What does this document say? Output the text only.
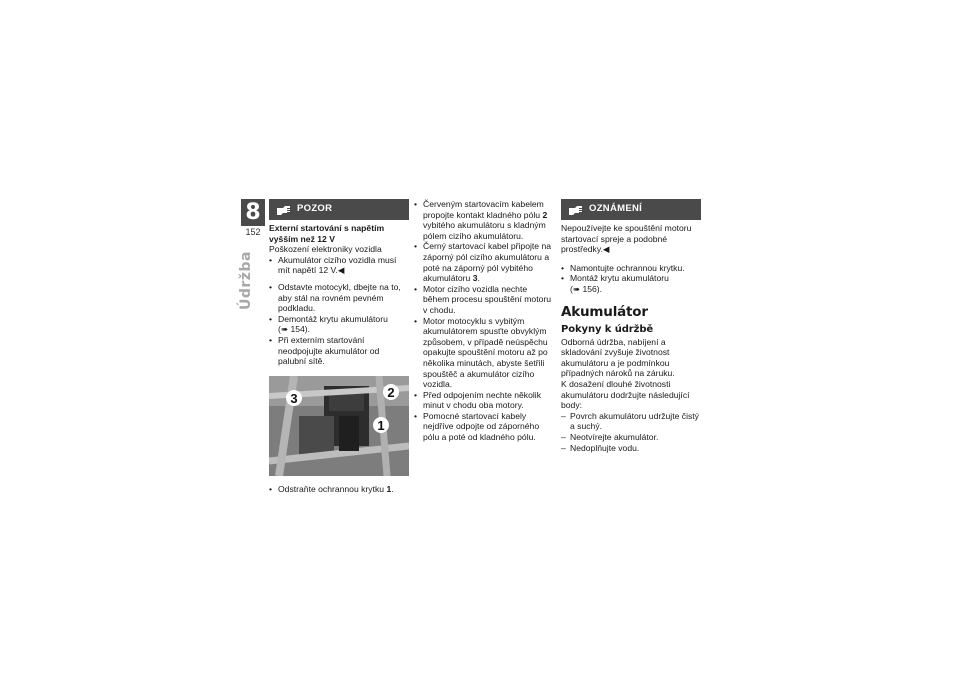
8
152
Údržba
POZOR
Externí startování s napětím vyšším než 12 V

Poškození elektroniky vozidla

• Akumulátor cizího vozidla musí mít napětí 12 V.◀
• Odstavte motocykl, dbejte na to, aby stál na rovném pevném podkladu.
• Demontáž krytu akumulátoru
(➠ 154).
• Při externím startování neodpojujte akumulátor od palubní sítě.
3	2
1
• Odstraňte ochrannou krytku 1.
• Červeným startovacím kabelem propojte kontakt kladného pólu 2 vybitého akumulátoru s kladným pólem cizího akumulátoru.
• Černý startovací kabel připojte na záporný pól cizího akumulátoru a poté na záporný pól vybitého akumulátoru 3.
• Motor cizího vozidla nechte během procesu spouštění motoru v chodu.
• Motor motocyklu s vybitým akumulátorem spusťte obvyklým způsobem, v případě neúspěchu opakujte spouštění motoru až po několika minutách, abyste šetřili spouštěč a akumulátor cizího vozidla.
• Před odpojením nechte několik minut v chodu oba motory.
• Pomocné startovací kabely nejdříve odpojte od záporného pólu a poté od kladného pólu.
OZNÁMENÍ

Nepoužívejte ke spouštění motoru startovací spreje a podobné prostředky.◀

• Namontujte ochrannou krytku.
• Montáž krytu akumulátoru
(➠ 156).
Akumulátor
Pokyny k údržbě

Odborná údržba, nabíjení a skladování zvyšuje životnost akumulátoru a je podmínkou případných nároků na záruku.

K dosažení dlouhé životnosti akumulátoru dodržujte následující body:

– Povrch akumulátoru udržujte čistý a suchý.
– Neotvírejte akumulátor.
– Nedoplňujte vodu.
